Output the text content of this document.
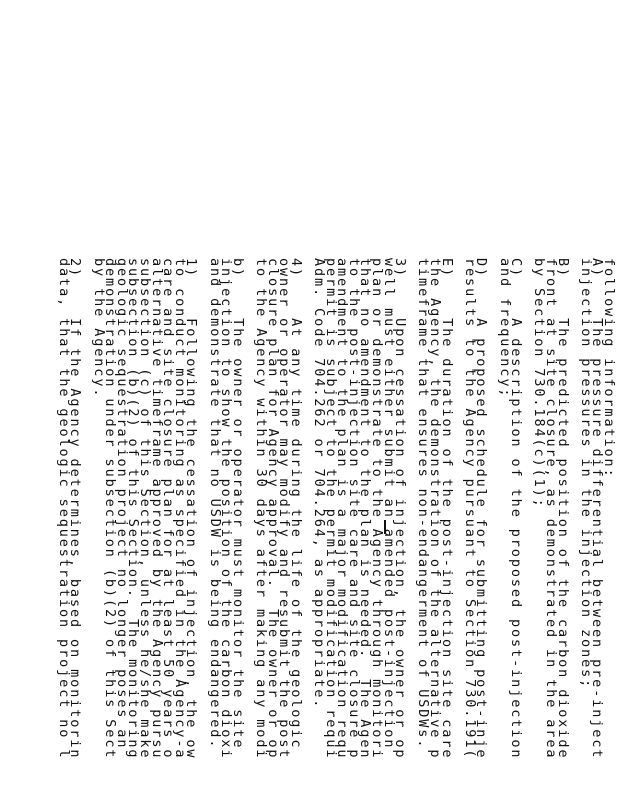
following information:
A)    The pressure differential between pre-inject
injection pressures in the injection zones;
B)    The predicted position of the carbon dioxide
front at site closure, as demonstrated in the area
by Section 730.184(c)(1);
C)    A description of the proposed post-injection
and frequency;
D)    A proposed schedule for submitting post-inje
results to the Agency pursuant to Section 730.191(
E)    The duration of the post-injection site care
the Agency, the demonstration of the alternative p
timeframe that ensures non-endangerment of USDWs.
3)    Upon cessation of injection, the owner or op
well must either submit an amended post-injection
plan or demonstrate to the Agency through monitori
that no amendment to the plan is needed.  The Agen
to the post-injection site care and site closure p
amendment to the plan is a major modification requ
permit is subject to the permit modification requi
Adm. Code 704.262 or 704.264, as appropriate.
4)    At any time during the life of the geologic
owner or operator may modify and resubmit the post
closure plan for Agency approval.  The owner or op
to the Agency within 30 days after making any modi
b)    The owner or operator must monitor the site
injection to show the position of the carbon dioxi
and demonstrate that no USDW is being endangered.
1)    Following the cessation of injection, the ow
to conduct monitoring as specified in the Agency-a
care and site closure plan for at least 50 years o
alternative timeframe approved by the Agency pursu
subsection (c) of this Section, unless he/she make
subsection (b)(2) of this Section.  The monitoring
geologic sequestration project no longer poses an
demonstration under subsection (b)(2) of this Sect
by the Agency.
2)    If the Agency determines, based on monitorin
data, that the geologic sequestration project no l
